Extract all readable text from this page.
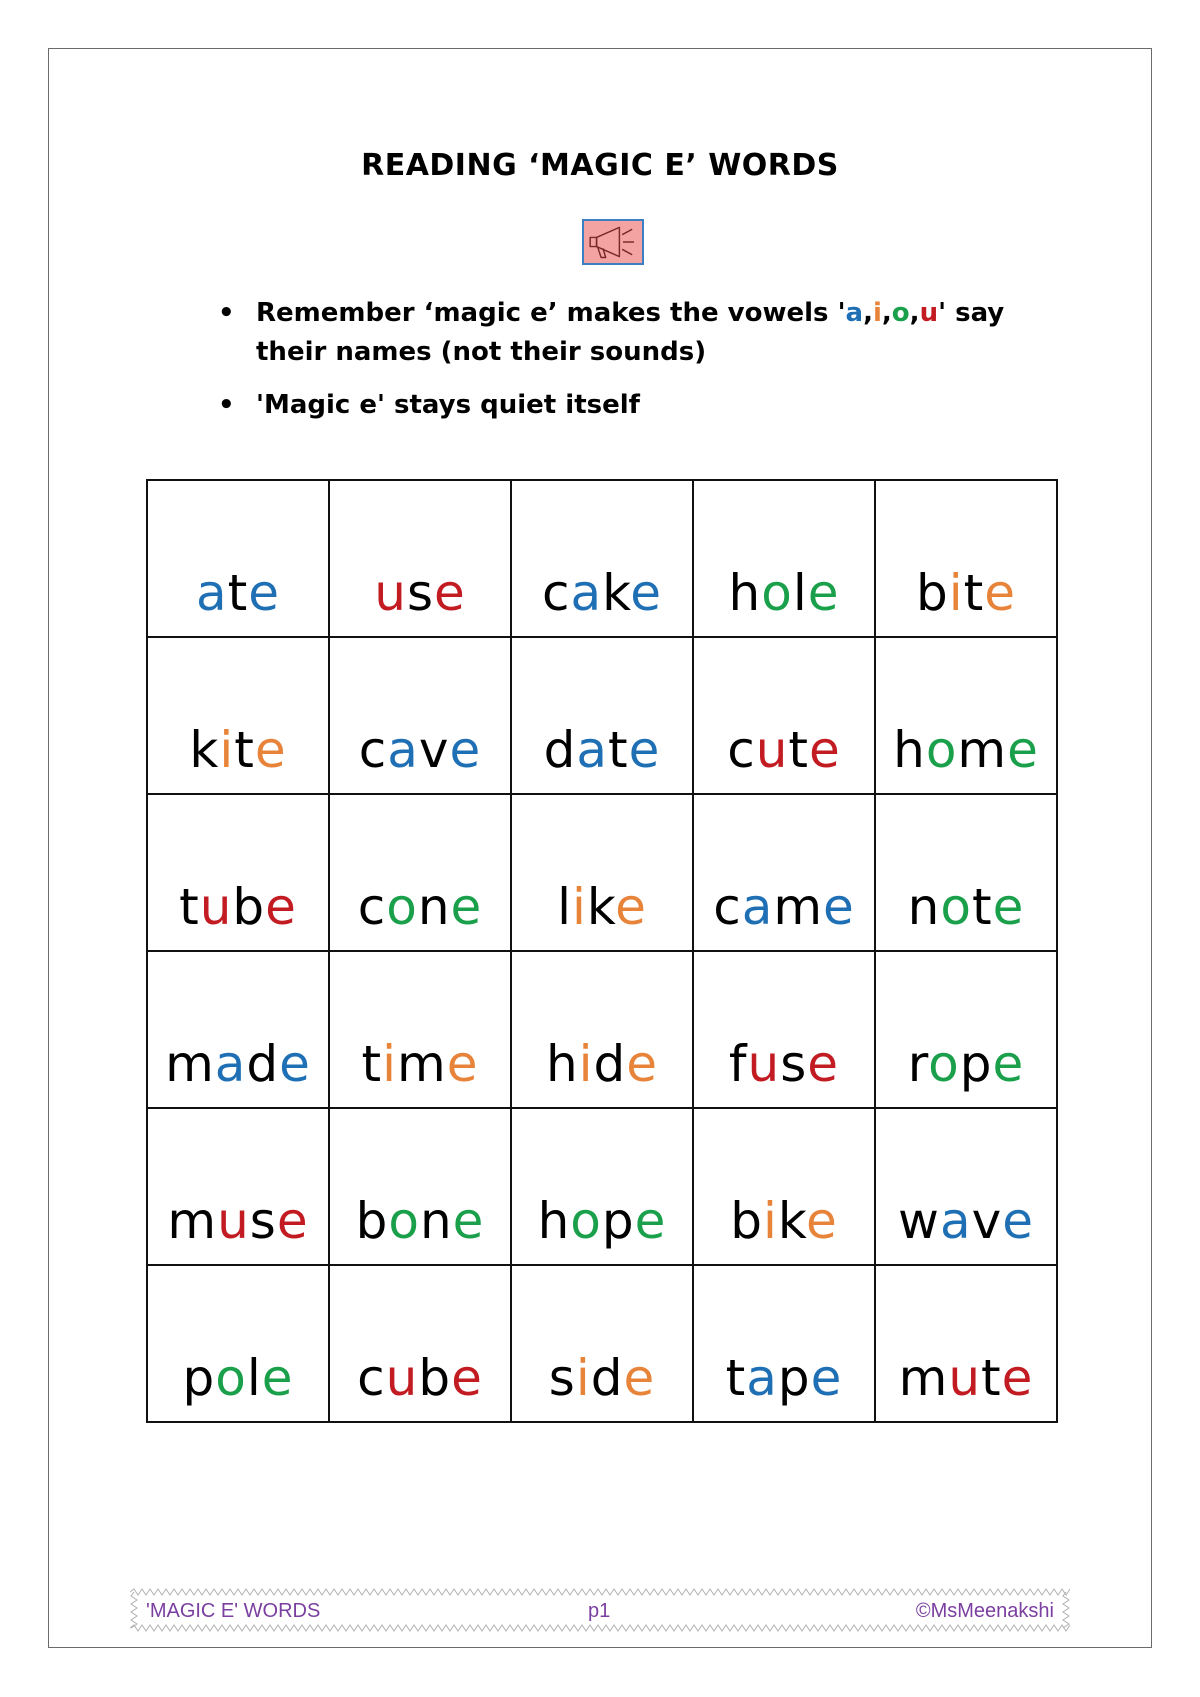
READING ‘MAGIC E’ WORDS
• Remember ‘magic e’ makes the vowels 'a,i,o,u' say their names (not their sounds)
• 'Magic e' stays quiet itself
ate	use	cake	hole	bite
kite	cave	date	cute	home
tube	cone	like	came	note
made	time	hide	fuse	rope
muse	bone	hope	bike	wave
pole	cube	side	tape	mute
'MAGIC E' WORDS	p1	©MsMeenakshi
